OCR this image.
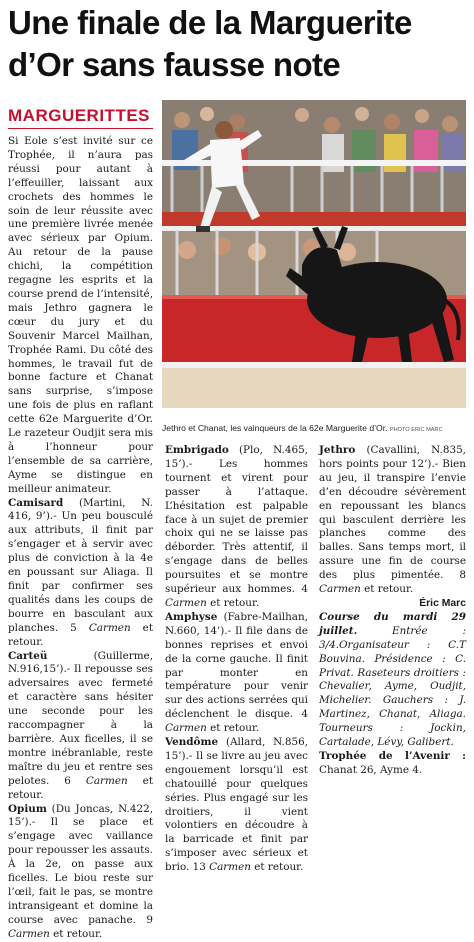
Une finale de la Marguerite d’Or sans fausse note
MARGUERITTES
Jethro et Chanat, les vainqueurs de la 62e Marguerite d’Or. PHOTO ERIC MARC

Si Eole s’est invité sur ce Trophée, il n’aura pas réussi pour autant à l’effeuiller, laissant aux crochets des hommes le soin de leur réussite avec une première livrée menée avec sérieux par Opium. Au retour de la pause chichi, la compétition regagne les esprits et la course prend de l’intensité, mais Jethro gagnera le cœur du jury et du Souvenir Marcel Mailhan, Trophée Rami. Du côté des hommes, le travail fut de bonne facture et Chanat sans surprise, s’impose une fois de plus en raflant cette 62e Marguerite d’Or. Le razeteur Oudjit sera mis à l’honneur pour l’ensemble de sa carrière, Ayme se distingue en meilleur animateur.

Camisard (Martini, N. 416, 9’).- Un peu bousculé aux attributs, il finit par s’engager et à servir avec plus de conviction à la 4e en poussant sur Aliaga. Il finit par confirmer ses qualités dans les coups de bourre en basculant aux planches. 5 Carmen et retour.

Carteü	(Guillerme, N.916,15’).- Il repousse ses adversaires avec fermeté et caractère sans hésiter une seconde pour les raccompagner à la barrière. Aux ficelles, il se montre inébranlable, reste maître du jeu et rentre ses pelotes. 6 Carmen et retour.

Opium (Du Joncas, N.422, 15’).- Il se place et s’engage avec vaillance pour repousser les assauts. À la 2e, on passe aux ficelles. Le biou reste sur l’œil, fait le pas, se montre intransigeant et domine la course avec panache. 9 Carmen et retour.

Embrigado (Plo, N.465, 15’).-	Les hommes tournent et virent pour passer à l’attaque. L’hésitation est palpable face à un sujet de premier choix qui ne se laisse pas déborder. Très attentif, il s’engage dans de belles poursuites et se montre supérieur aux hommes. 4 Carmen et retour.

Amphyse (Fabre-Mailhan, N.660, 14’).- Il file dans de bonnes reprises et envoi de la corne gauche. Il finit par monter en température pour venir sur des actions serrées qui déclenchent le disque. 4 Carmen et retour.

Vendôme (Allard, N.856, 15’).- Il se livre au jeu avec engouement lorsqu’il est chatouillé pour quelques séries. Plus engagé sur les droitiers, il vient volontiers en découdre à la barricade et finit par s’imposer avec sérieux et brio. 13 Carmen et retour.

Jethro (Cavallini, N.835, hors points pour 12’).- Bien au jeu, il transpire l’envie d’en découdre sévèrement en repoussant les blancs qui basculent derrière les planches comme des balles. Sans temps mort, il assure une fin de course des plus pimentée. 8 Carmen et retour.

Éric Marc

Course du mardi 29 juillet.	Entrée : 3/4.Organisateur : C.T Bouvina. Présidence : C. Privat. Raseteurs droitiers : Chevalier, Ayme, Oudjit, Michelier. Gauchers : J. Martinez, Chanat, Aliaga. Tourneurs : Jockin, Cartalade, Lévy, Galibert.

Trophée de l’Avenir : Chanat 26, Ayme 4.
